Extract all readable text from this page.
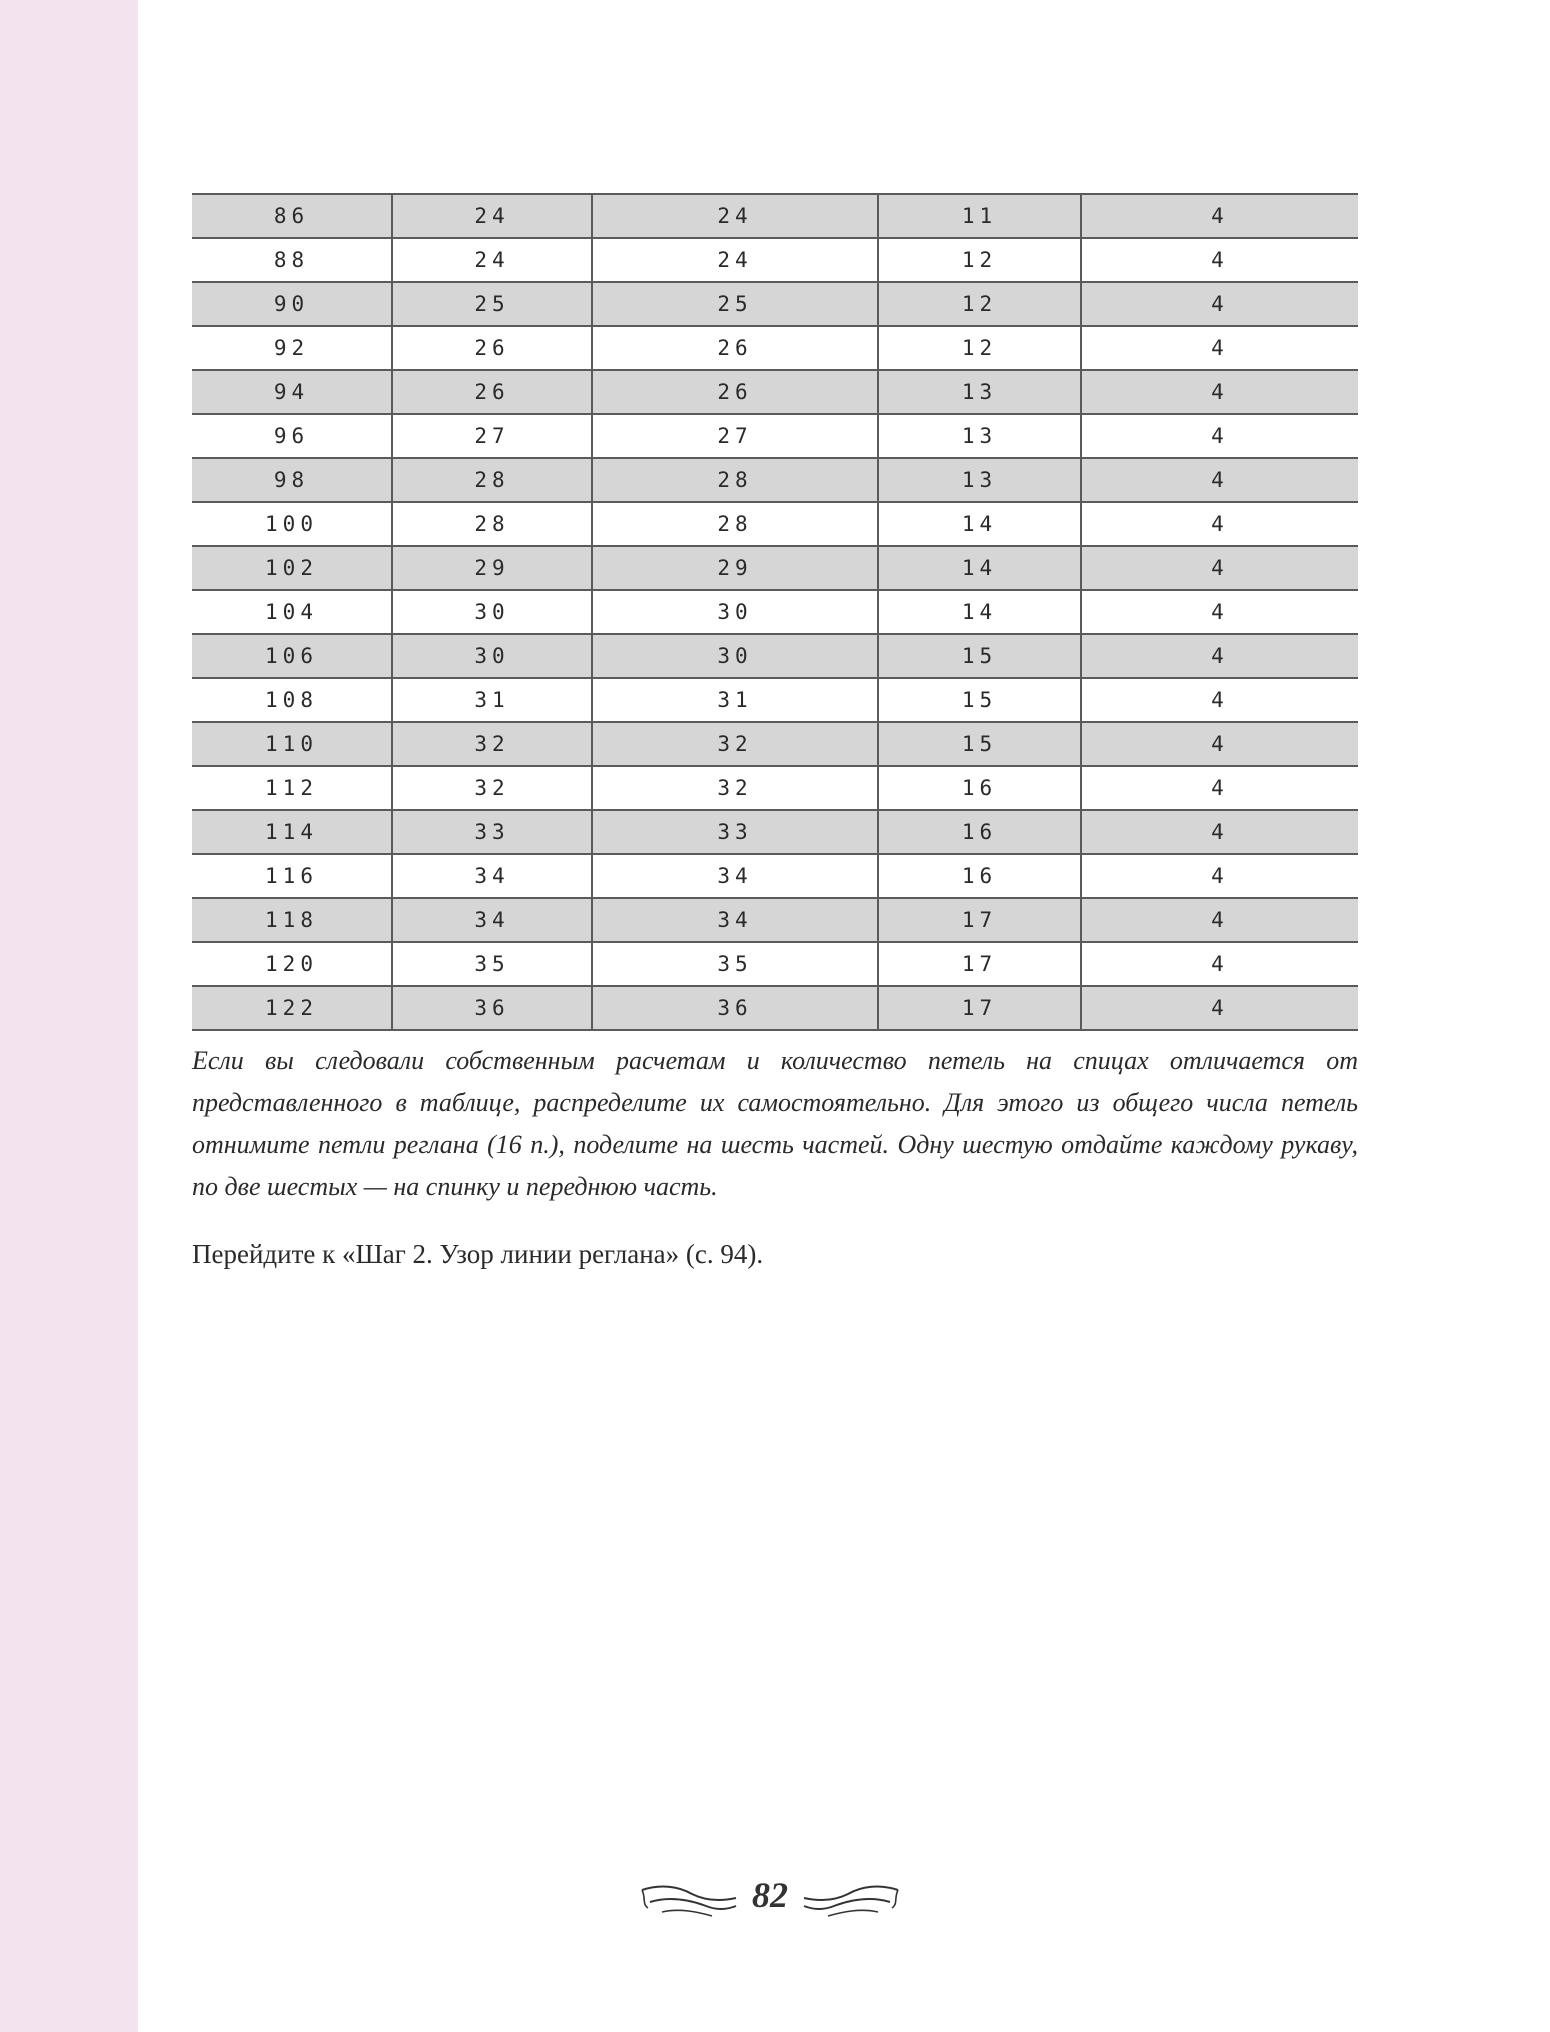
86	24	24	11	4
88	24	24	12	4
90	25	25	12	4
92	26	26	12	4
94	26	26	13	4
96	27	27	13	4
98	28	28	13	4
100	28	28	14	4
102	29	29	14	4
104	30	30	14	4
106	30	30	15	4
108	31	31	15	4
110	32	32	15	4
112	32	32	16	4
114	33	33	16	4
116	34	34	16	4
118	34	34	17	4
120	35	35	17	4
122	36	36	17	4

Если вы следовали собственным расчетам и количество петель на спицах отличается от представленного в таблице, распределите их самостоятельно. Для этого из общего числа петель отнимите петли реглана (16 п.), поделите на шесть частей. Одну шестую отдайте каждому рукаву, по две шестых — на спинку и переднюю часть.

Перейдите к «Шаг 2. Узор линии реглана» (с. 94).

82
